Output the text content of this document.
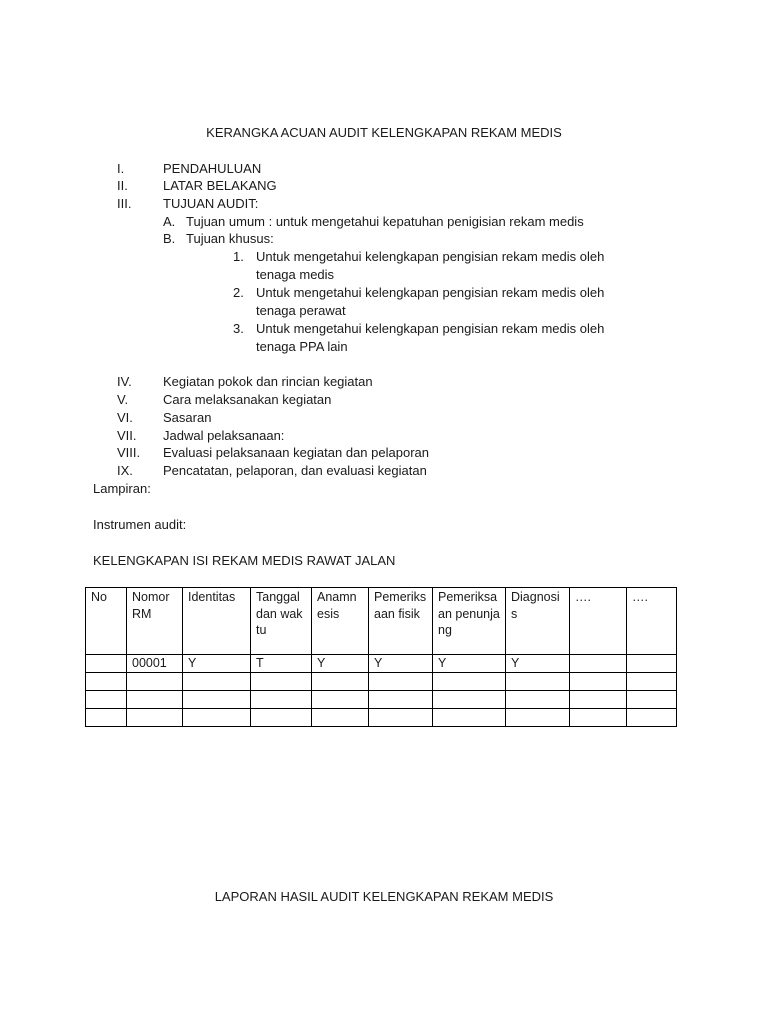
KERANGKA ACUAN AUDIT KELENGKAPAN REKAM MEDIS
I.	PENDAHULUAN
II.	LATAR BELAKANG
III. TUJUAN AUDIT:
A. Tujuan umum : untuk mengetahui kepatuhan penigisian rekam medis
B. Tujuan khusus:
1. Untuk mengetahui kelengkapan pengisian rekam medis oleh
tenaga medis
2. Untuk mengetahui kelengkapan pengisian rekam medis oleh
tenaga perawat
3. Untuk mengetahui kelengkapan pengisian rekam medis oleh
tenaga PPA lain
IV. Kegiatan pokok dan rincian kegiatan
V.	Cara melaksanakan kegiatan
VI. Sasaran
VII. Jadwal pelaksanaan:
VIII. Evaluasi pelaksanaan kegiatan dan pelaporan
IX. Pencatatan, pelaporan, dan evaluasi kegiatan
Lampiran:
Instrumen audit:
KELENGKAPAN ISI REKAM MEDIS RAWAT JALAN
No	Nomor RM	Identitas	Tanggal dan waktu	Anamnesis	Pemeriksaan fisik	Pemeriksaan penunjang	Diagnosis	….	….
	00001	Y	T	Y	Y	Y	Y		

LAPORAN HASIL AUDIT KELENGKAPAN REKAM MEDIS
